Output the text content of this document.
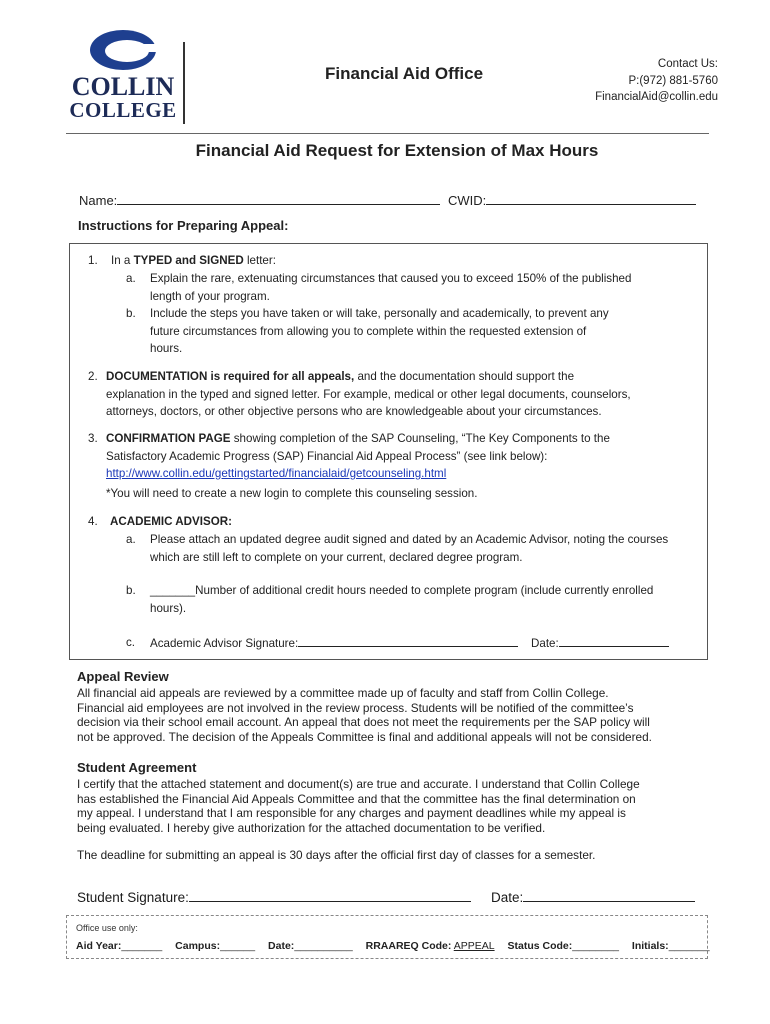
COLLIN
COLLEGE
Financial Aid Office	Contact Us:
P:(972) 881-5760
FinancialAid@collin.edu
Financial Aid Request for Extension of Max Hours
Name:	CWID:
Instructions for Preparing Appeal:
1. In a TYPED and SIGNED letter:
a. Explain the rare, extenuating circumstances that caused you to exceed 150% of the published
length of your program.
b. Include the steps you have taken or will take, personally and academically, to prevent any
future circumstances from allowing you to complete within the requested extension of
hours.
2. DOCUMENTATION is required for all appeals, and the documentation should support the
explanation in the typed and signed letter. For example, medical or other legal documents, counselors,
attorneys, doctors, or other objective persons who are knowledgeable about your circumstances.
3. CONFIRMATION PAGE showing completion of the SAP Counseling, “The Key Components to the
Satisfactory Academic Progress (SAP) Financial Aid Appeal Process” (see link below):
http://www.collin.edu/gettingstarted/financialaid/getcounseling.html
*You will need to create a new login to complete this counseling session.
4. ACADEMIC ADVISOR:
a. Please attach an updated degree audit signed and dated by an Academic Advisor, noting the courses
which are still left to complete on your current, declared degree program.
b. _______Number of additional credit hours needed to complete program (include currently enrolled
hours).
c. Academic Advisor Signature:	Date:
Appeal Review
All financial aid appeals are reviewed by a committee made up of faculty and staff from Collin College.
Financial aid employees are not involved in the review process. Students will be notified of the committee’s
decision via their school email account. An appeal that does not meet the requirements per the SAP policy will
not be approved. The decision of the Appeals Committee is final and additional appeals will not be considered.
Student Agreement
I certify that the attached statement and document(s) are true and accurate. I understand that Collin College
has established the Financial Aid Appeals Committee and that the committee has the final determination on
my appeal. I understand that I am responsible for any charges and payment deadlines while my appeal is
being evaluated. I hereby give authorization for the attached documentation to be verified.
The deadline for submitting an appeal is 30 days after the official first day of classes for a semester.
Student Signature:	Date:
Office use only:
Aid Year:_______ Campus:______ Date:__________ RRAAREQ Code: APPEAL Status Code:________ Initials:_______
